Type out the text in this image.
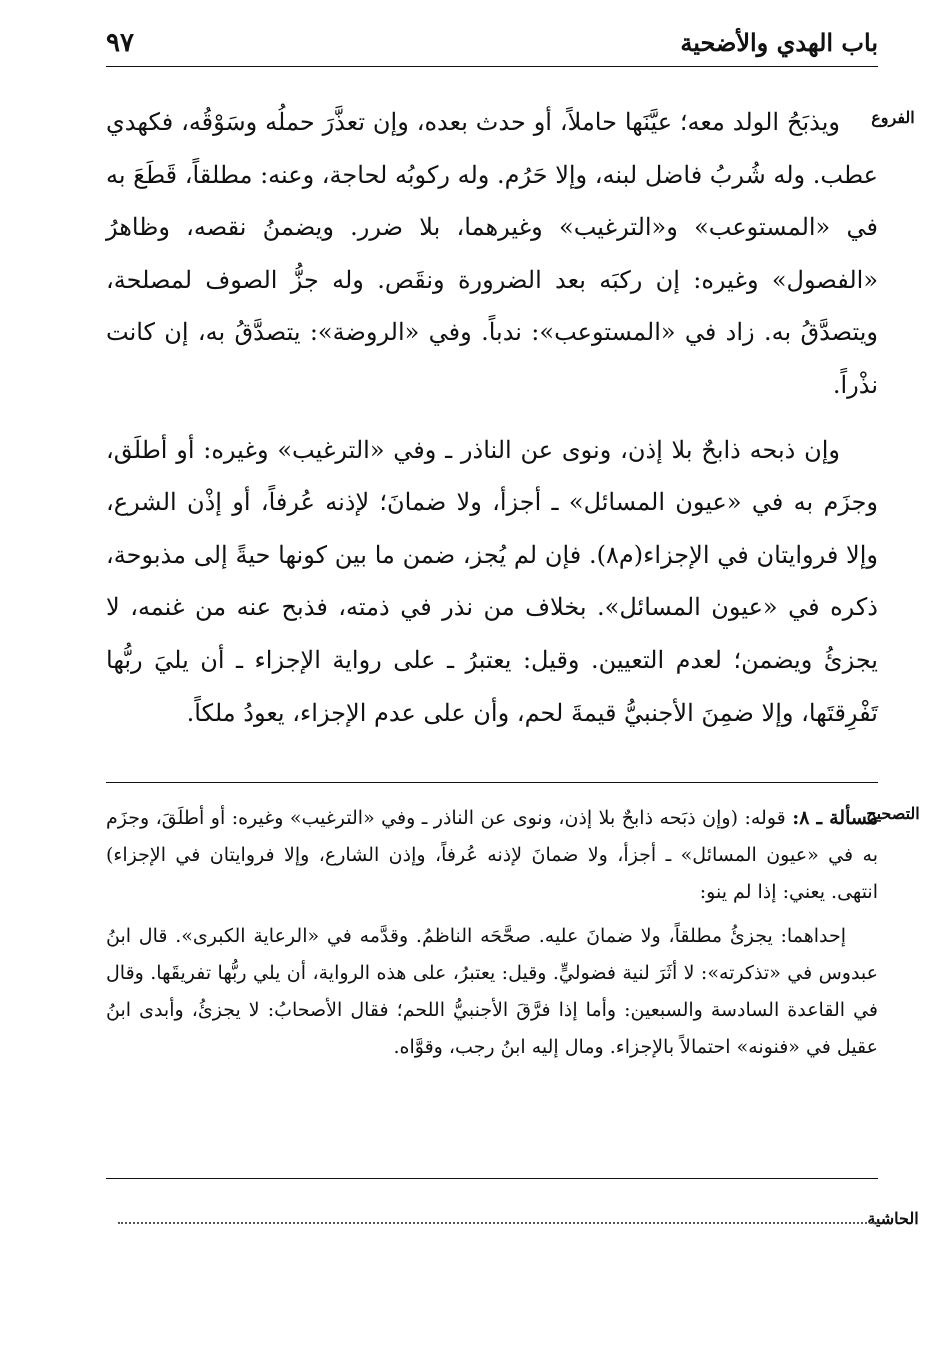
باب الهدي والأضحية
٩٧
الفروع

ويذبَحُ الولد معه؛ عيَّنَها حاملاً، أو حدث بعده، وإن تعذَّرَ حملُه وسَوْقُه، فكهدي عطب. وله شُربُ فاضل لبنه، وإلا حَرُم. وله ركوبُه لحاجة، وعنه: مطلقاً، قَطَعَ به في «المستوعب» و«الترغيب» وغيرهما، بلا ضرر. ويضمنُ نقصه، وظاهرُ «الفصول» وغيره: إن ركبَه بعد الضرورة ونقَص. وله جزُّ الصوف لمصلحة، ويتصدَّقُ به. زاد في «المستوعب»: ندباً. وفي «الروضة»: يتصدَّقُ به، إن كانت نذْراً.

وإن ذبحه ذابحٌ بلا إذن، ونوى عن الناذر ـ وفي «الترغيب» وغيره: أو أطلَق، وجزَم به في «عيون المسائل» ـ أجزأ، ولا ضمانَ؛ لإذنه عُرفاً، أو إذْن الشرع، وإلا فروايتان في الإجزاء(م٨). فإن لم يُجز، ضمن ما بين كونها حيةً إلى مذبوحة، ذكره في «عيون المسائل». بخلاف من نذر في ذمته، فذبح عنه من غنمه، لا يجزئُ ويضمن؛ لعدم التعيين. وقيل: يعتبرُ ـ على رواية الإجزاء ـ أن يليَ ربُّها تَفْرِقتَها، وإلا ضمِنَ الأجنبيُّ قيمةَ لحم، وأن على عدم الإجزاء، يعودُ ملكاً.

التصحيح

مسألة ـ ٨: قوله: (وإن ذبَحه ذابحٌ بلا إذن، ونوى عن الناذر ـ وفي «الترغيب» وغيره: أو أطلَقَ، وجزَم به في «عيون المسائل» ـ أجزأ، ولا ضمانَ لإذنه عُرفاً، وإذن الشارع، وإلا فروايتان في الإجزاء) انتهى. يعني: إذا لم ينو:

إحداهما: يجزئُ مطلقاً، ولا ضمانَ عليه. صحَّحَه الناظمُ. وقدَّمه في «الرعاية الكبرى». قال ابنُ عبدوس في «تذكرته»: لا أثَرَ لنية فضوليٍّ. وقيل: يعتبرُ، على هذه الرواية، أن يلي ربُّها تفريقَها. وقال في القاعدة السادسة والسبعين: وأما إذا فرَّقَ الأجنبيُّ اللحم؛ فقال الأصحابُ: لا يجزئُ، وأبدى ابنُ عقيل في «فنونه» احتمالاً بالإجزاء. ومال إليه ابنُ رجب، وقوَّاه.

الحاشية
